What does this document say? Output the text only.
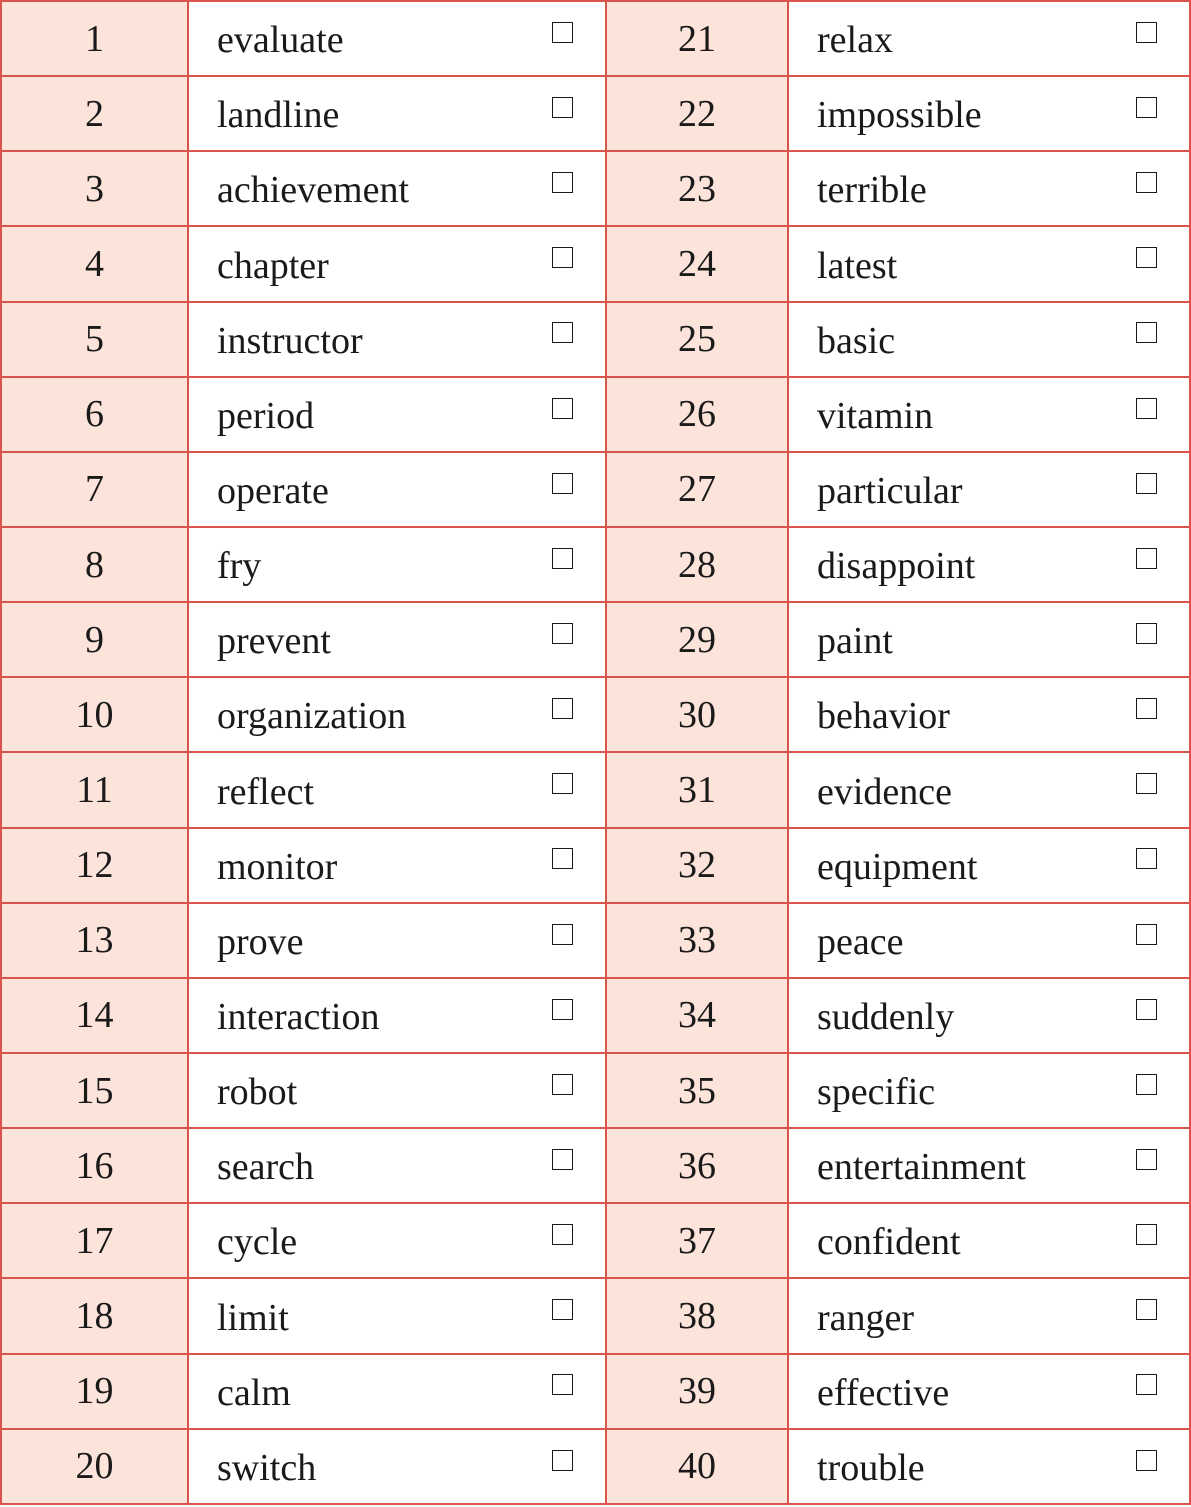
1	evaluate	21	relax

2	landline	22	impossible

3	achievement	23	terrible

4	chapter	24	latest

5	instructor	25	basic

6	period	26	vitamin

7	operate	27	particular

8	fry	28	disappoint

9	prevent	29	paint

10	organization	30	behavior

11	reflect	31	evidence

12	monitor	32	equipment

13	prove	33	peace

14	interaction	34	suddenly

15	robot	35	specific

16	search	36	entertainment

17	cycle	37	confident

18	limit	38	ranger

19	calm	39	effective

20	switch	40	trouble
